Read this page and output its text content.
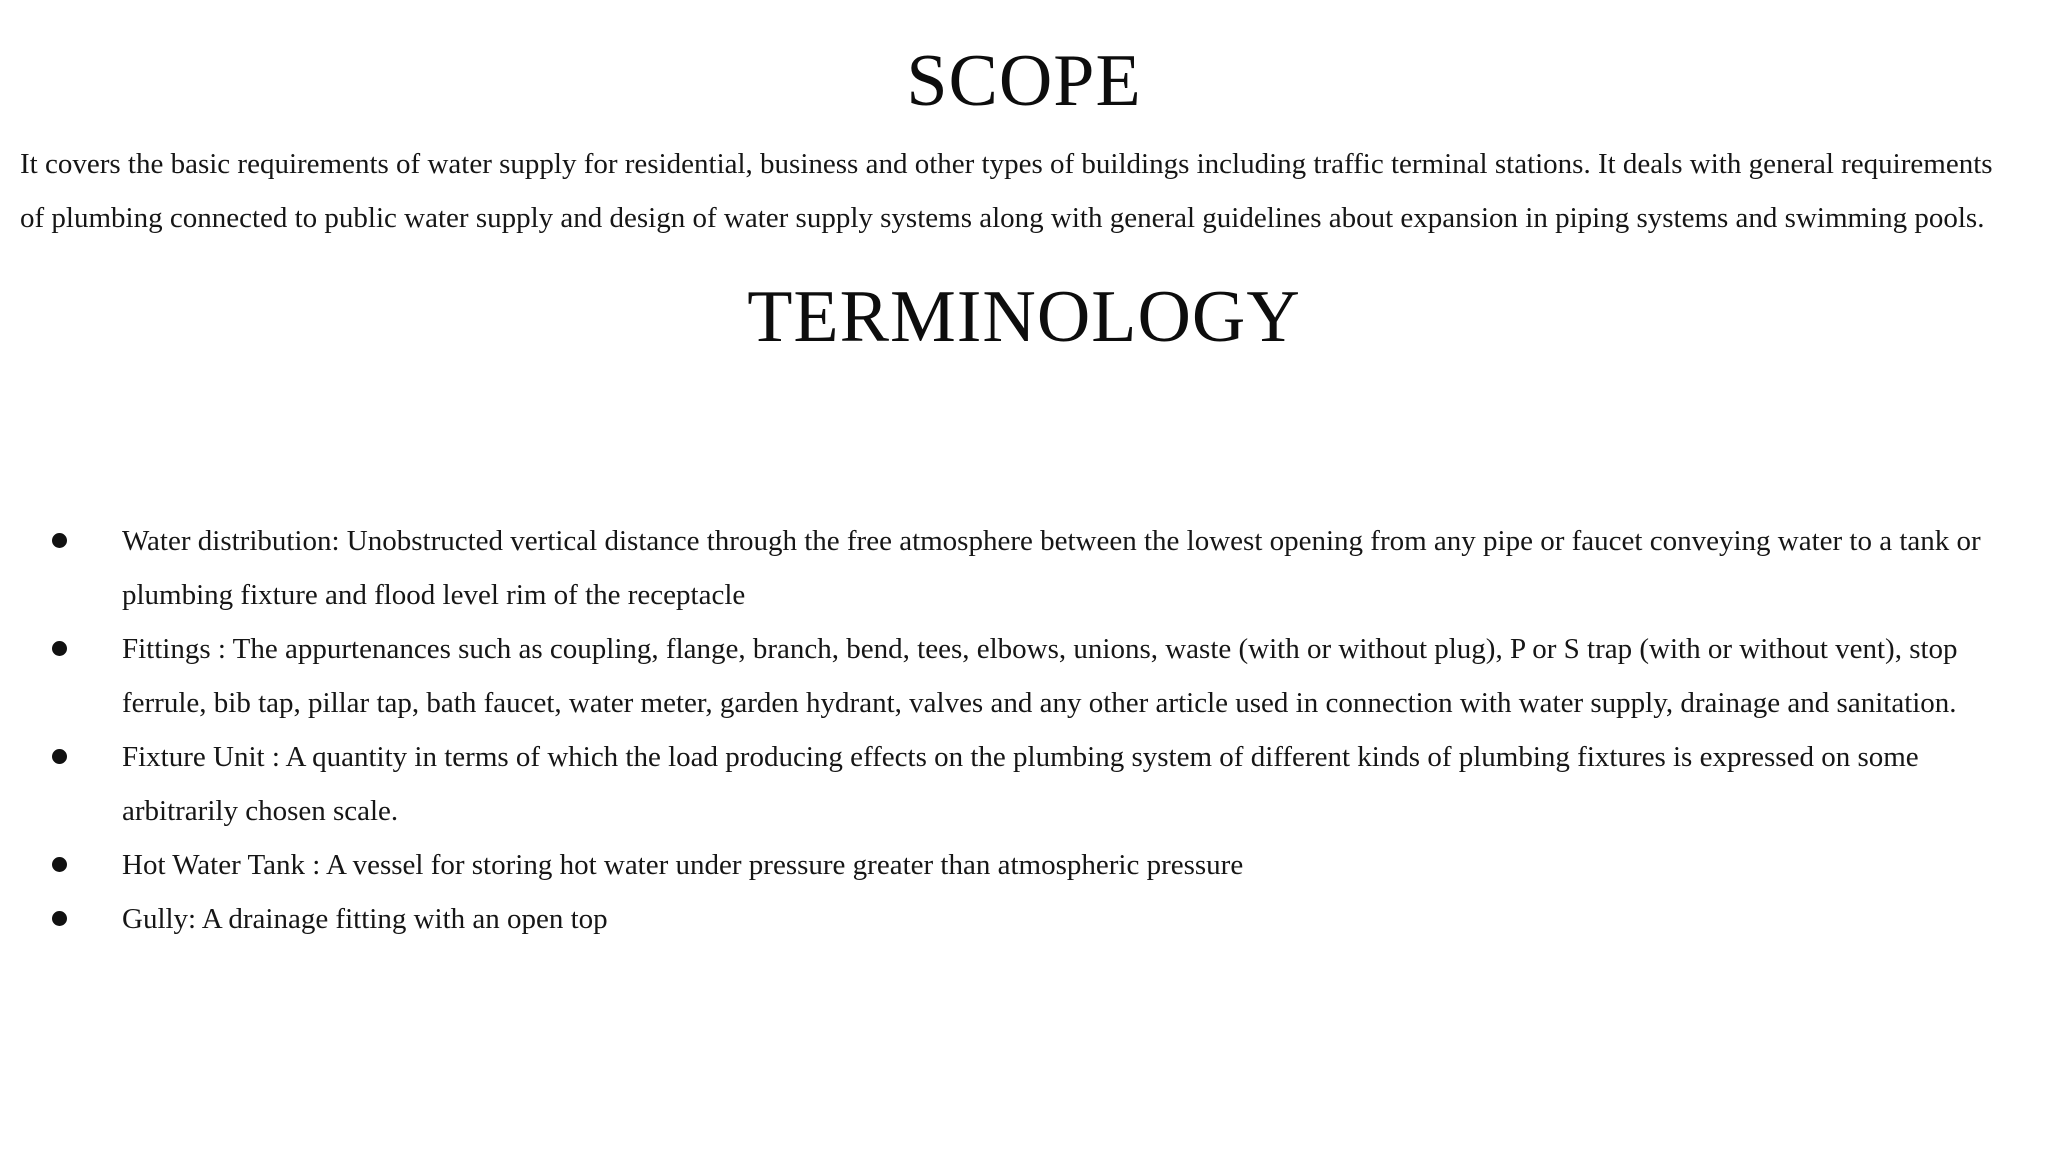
SCOPE

It covers the basic requirements of water supply for residential, business and other types of buildings including traffic terminal stations. It deals with general requirements of plumbing connected to public water supply and design of water supply systems along with general guidelines about expansion in piping systems and swimming pools.

TERMINOLOGY
Water distribution: Unobstructed vertical distance through the free atmosphere between the lowest opening from any pipe or faucet conveying water to a tank or plumbing fixture and flood level rim of the receptacle
Fittings : The appurtenances such as coupling, flange, branch, bend, tees, elbows, unions, waste (with or without plug), P or S trap (with or without vent), stop ferrule, bib tap, pillar tap, bath faucet, water meter, garden hydrant, valves and any other article used in connection with water supply, drainage and sanitation.
Fixture Unit : A quantity in terms of which the load producing effects on the plumbing system of different kinds of plumbing fixtures is expressed on some arbitrarily chosen scale.
Hot Water Tank : A vessel for storing hot water under pressure greater than atmospheric pressure
Gully: A drainage fitting with an open top
